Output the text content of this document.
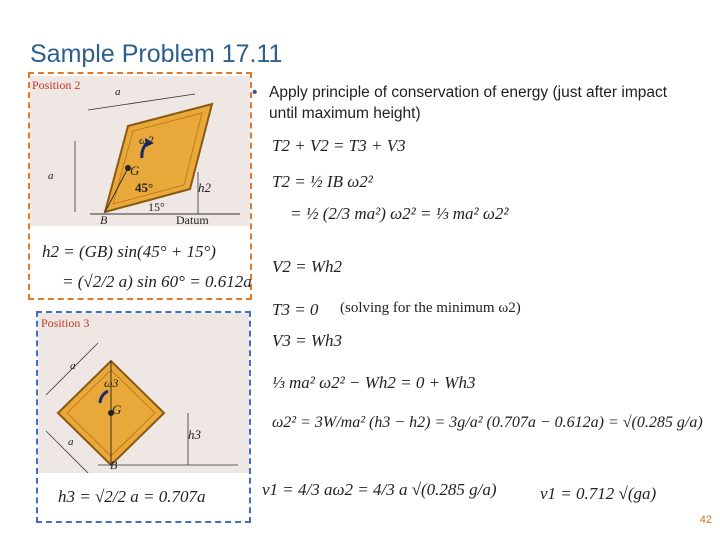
Sample Problem 17.11
Position 2	a
a
ω2
G
45°	h2
15°
B	Datum
h2 = (GB) sin(45° + 15°)
= (√2/2 a) sin 60° = 0.612a
Position 3
a
a
ω3
G
h3
B
h3 = √2/2 a = 0.707a
• Apply principle of conservation of energy (just after impact until maximum height)
T2 + V2 = T3 + V3
T2 = ½ IB ω2²
= ½ (2/3 ma²) ω2² = ⅓ ma² ω2²
V2 = Wh2
T3 = 0 (solving for the minimum ω2)
V3 = Wh3
⅓ ma² ω2² − Wh2 = 0 + Wh3
ω2² = 3W/ma² (h3 − h2) = 3g/a² (0.707a − 0.612a) = √(0.285 g/a)
v1 = 4/3 aω2 = 4/3 a √(0.285 g/a)	v1 = 0.712 √(ga)
42
